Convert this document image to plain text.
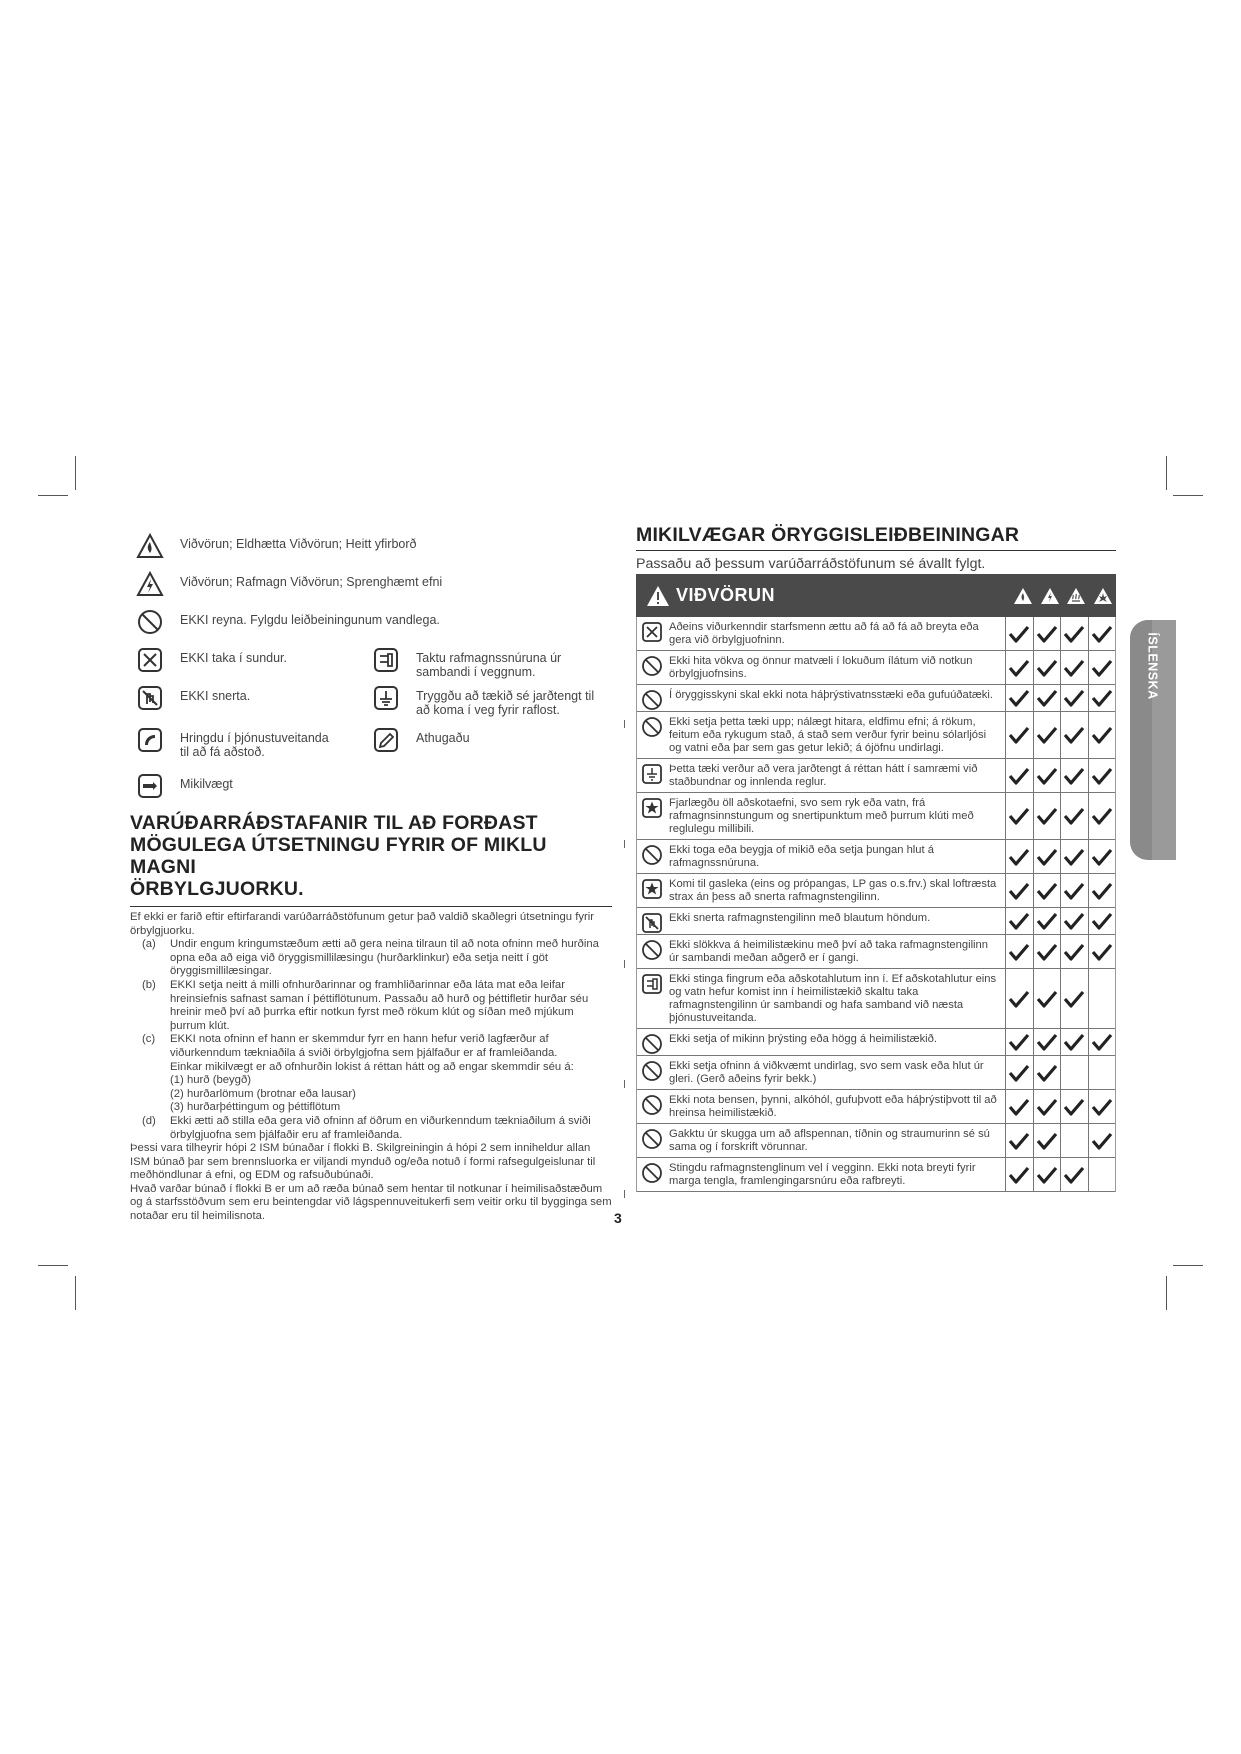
Viðvörun; Eldhætta Viðvörun; Heitt yfirborð
Viðvörun; Rafmagn Viðvörun; Sprenghæmt efni
EKKI reyna. Fylgdu leiðbeiningunum vandlega.
EKKI taka í sundur.
EKKI snerta.
Hringdu í þjónustuveitanda til að fá aðstoð.
Mikilvægt
Taktu rafmagnssnúruna úr sambandi í veggnum.
Tryggðu að tækið sé jarðtengt til að koma í veg fyrir raflost.
Athugaðu
VARÚÐARRÁÐSTAFANIR TIL AÐ FORÐAST
MÖGULEGA ÚTSETNINGU FYRIR OF MIKLU MAGNI
ÖRBYLGJUORKU.

Ef ekki er farið eftir eftirfarandi varúðarráðstöfunum getur það valdið skaðlegri útsetningu fyrir örbylgjuorku.

(a) Undir engum kringumstæðum ætti að gera neina tilraun til að nota ofninn með hurðina opna eða að eiga við öryggismillilæsingu (hurðarklinkur) eða setja neitt í göt öryggismillilæsingar.

(b) EKKI setja neitt á milli ofnhurðarinnar og framhliðarinnar eða láta mat eða leifar hreinsiefnis safnast saman í þéttiflötunum. Passaðu að hurð og þéttifletir hurðar séu hreinir með því að þurrka eftir notkun fyrst með rökum klút og síðan með mjúkum þurrum klút.

(c) EKKI nota ofninn ef hann er skemmdur fyrr en hann hefur verið lagfærður af viðurkenndum tækniaðila á sviði örbylgjofna sem þjálfaður er af framleiðanda.

Einkar mikilvægt er að ofnhurðin lokist á réttan hátt og að engar skemmdir séu á:

(1) hurð (beygð)

(2) hurðarlömum (brotnar eða lausar)

(3) hurðarþéttingum og þéttiflötum

(d) Ekki ætti að stilla eða gera við ofninn af öðrum en viðurkenndum tækniaðilum á sviði örbylgjuofna sem þjálfaðir eru af framleiðanda.

Þessi vara tilheyrir hópi 2 ISM búnaðar í flokki B. Skilgreiningin á hópi 2 sem inniheldur allan ISM búnað þar sem brennsluorka er viljandi mynduð og/eða notuð í formi rafsegulgeislunar til meðhöndlunar á efni, og EDM og rafsuðubúnaði.

Hvað varðar búnað í flokki B er um að ræða búnað sem hentar til notkunar í heimilisaðstæðum og á starfsstöðvum sem eru beintengdar við lágspennuveitukerfi sem veitir orku til bygginga sem notaðar eru til heimilisnota.

MIKILVÆGAR ÖRYGGISLEIÐBEININGAR
Passaðu að þessum varúðarráðstöfunum sé ávallt fylgt.
VIÐVÖRUN
Aðeins viðurkenndir starfsmenn ættu að fá að fá að breyta eða gera við örbylgjuofninn.
Ekki hita vökva og önnur matvæli í lokuðum ílátum við notkun örbylgjuofnsins.
Í öryggisskyni skal ekki nota háþrýstivatnsstæki eða gufuúðatæki.
Ekki setja þetta tæki upp; nálægt hitara, eldfimu efni; á rökum, feitum eða rykugum stað, á stað sem verður fyrir beinu sólarljósi og vatni eða þar sem gas getur lekið; á ójöfnu undirlagi.
Þetta tæki verður að vera jarðtengt á réttan hátt í samræmi við staðbundnar og innlenda reglur.
Fjarlægðu öll aðskotaefni, svo sem ryk eða vatn, frá rafmagnsinnstungum og snertipunktum með þurrum klúti með reglulegu millibili.
Ekki toga eða beygja of mikið eða setja þungan hlut á rafmagnssnúruna.
Komi til gasleka (eins og própangas, LP gas o.s.frv.) skal loftræsta strax án þess að snerta rafmagnstengilinn.
Ekki snerta rafmagnstengilinn með blautum höndum.
Ekki slökkva á heimilistækinu með því að taka rafmagnstengilinn úr sambandi meðan aðgerð er í gangi.
Ekki stinga fingrum eða aðskotahlutum inn í. Ef aðskotahlutur eins og vatn hefur komist inn í heimilistækið skaltu taka rafmagnstengilinn úr sambandi og hafa samband við næsta þjónustuveitanda.
Ekki setja of mikinn þrýsting eða högg á heimilistækið.
Ekki setja ofninn á viðkvæmt undirlag, svo sem vask eða hlut úr gleri. (Gerð aðeins fyrir bekk.)
Ekki nota bensen, þynni, alkóhól, gufuþvott eða háþrýstiþvott til að hreinsa heimilistækið.
Gakktu úr skugga um að aflspennan, tíðnin og straumurinn sé sú sama og í forskrift vörunnar.
Stingdu rafmagnstenglinum vel í vegginn. Ekki nota breyti fyrir marga tengla, framlengingarsnúru eða rafbreyti.
ÍSLENSKA
3
